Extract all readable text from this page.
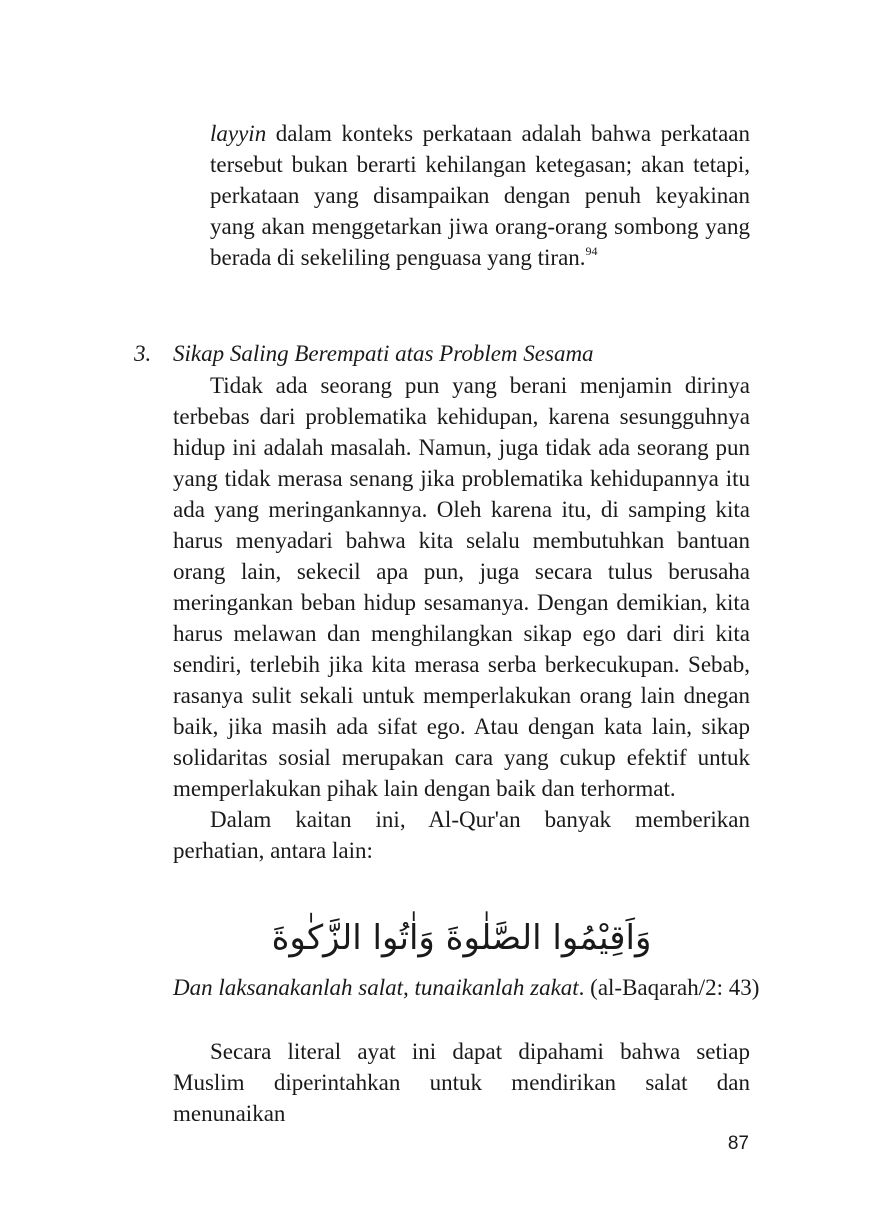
layyin dalam konteks perkataan adalah bahwa perkataan tersebut bukan berarti kehilangan ketegasan; akan tetapi, perkataan yang disampaikan dengan penuh keyakinan yang akan menggetarkan jiwa orang-orang sombong yang berada di sekeliling penguasa yang tiran.$^{94}$

3. Sikap Saling Berempati atas Problem Sesama

Tidak ada seorang pun yang berani menjamin dirinya terbebas dari problematika kehidupan, karena sesungguhnya hidup ini adalah masalah. Namun, juga tidak ada seorang pun yang tidak merasa senang jika problematika kehidupannya itu ada yang meringankannya. Oleh karena itu, di samping kita harus menyadari bahwa kita selalu membutuhkan bantuan orang lain, sekecil apa pun, juga secara tulus berusaha meringankan beban hidup sesamanya. Dengan demikian, kita harus melawan dan menghilangkan sikap ego dari diri kita sendiri, terlebih jika kita merasa serba berkecukupan. Sebab, rasanya sulit sekali untuk memperlakukan orang lain dnegan baik, jika masih ada sifat ego. Atau dengan kata lain, sikap solidaritas sosial merupakan cara yang cukup efektif untuk memperlakukan pihak lain dengan baik dan terhormat.

Dalam kaitan ini, Al-Qur'an banyak memberikan perhatian, antara lain:

وَاَقِيْمُوا الصَّلٰوةَ وَاٰتُوا الزَّكٰوةَ
Dan laksanakanlah salat, tunaikanlah zakat. (al-Baqarah/2: 43)

Secara literal ayat ini dapat dipahami bahwa setiap Muslim diperintahkan untuk mendirikan salat dan menunaikan

87
